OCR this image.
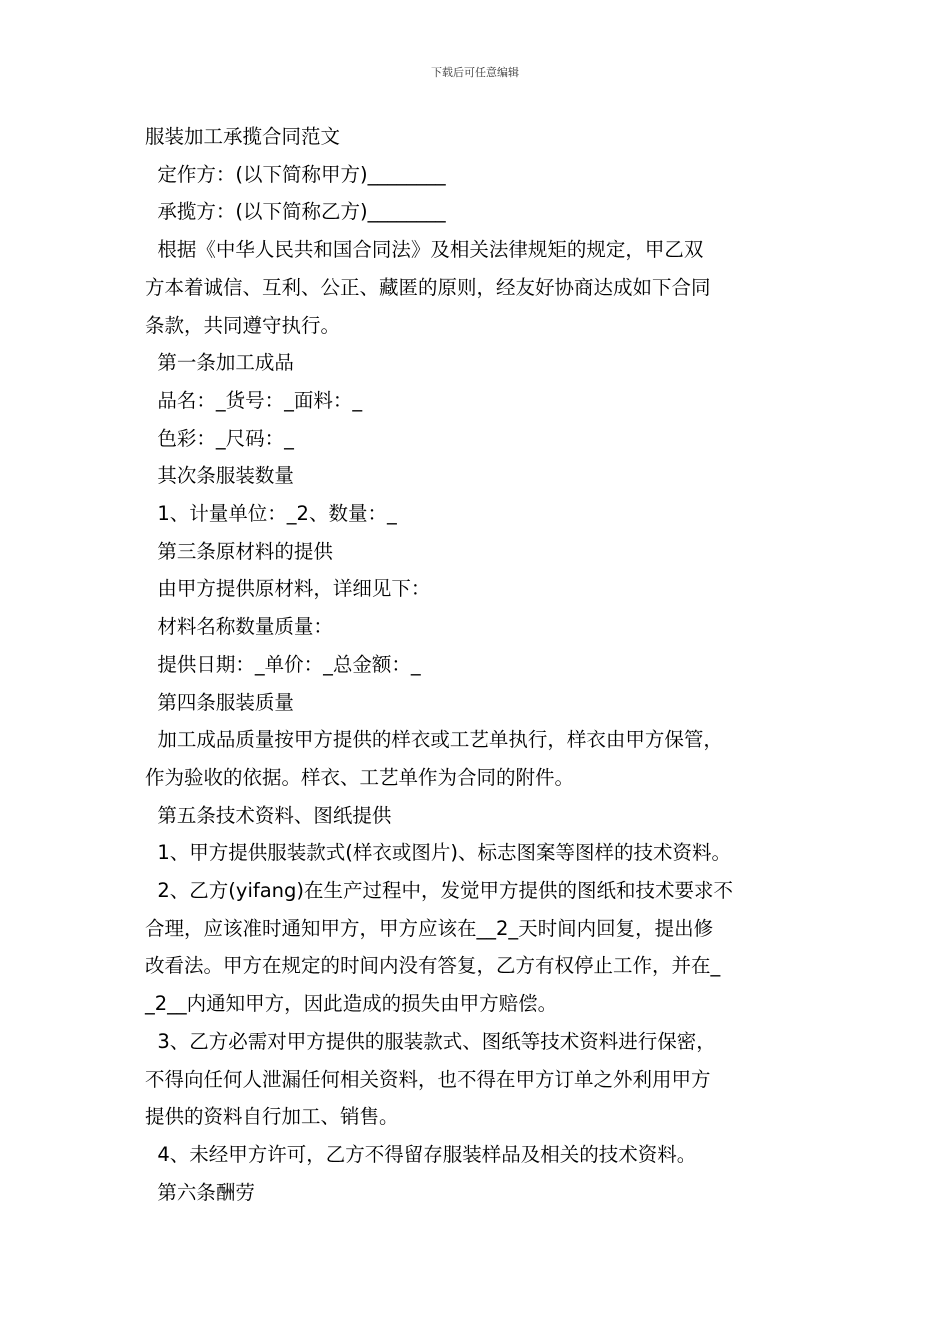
下载后可任意编辑

服装加工承揽合同范文

定作方：(以下简称甲方)________

承揽方：(以下简称乙方)________

根据《中华人民共和国合同法》及相关法律规矩的规定，甲乙双

方本着诚信、互利、公正、藏匿的原则，经友好协商达成如下合同

条款，共同遵守执行。

第一条加工成品

品名：_货号：_面料：_

色彩：_尺码：_

其次条服装数量

1、计量单位：_2、数量：_

第三条原材料的提供

由甲方提供原材料，详细见下：

材料名称数量质量：

提供日期：_单价：_总金额：_

第四条服装质量

加工成品质量按甲方提供的样衣或工艺单执行，样衣由甲方保管，

作为验收的依据。样衣、工艺单作为合同的附件。

第五条技术资料、图纸提供

1、甲方提供服装款式(样衣或图片)、标志图案等图样的技术资料。

2、乙方(yifang)在生产过程中，发觉甲方提供的图纸和技术要求不

合理，应该准时通知甲方，甲方应该在__2_天时间内回复，提出修

改看法。甲方在规定的时间内没有答复，乙方有权停止工作，并在_

_2__内通知甲方，因此造成的损失由甲方赔偿。

3、乙方必需对甲方提供的服装款式、图纸等技术资料进行保密，

不得向任何人泄漏任何相关资料，也不得在甲方订单之外利用甲方

提供的资料自行加工、销售。

4、未经甲方许可，乙方不得留存服装样品及相关的技术资料。

第六条酬劳
